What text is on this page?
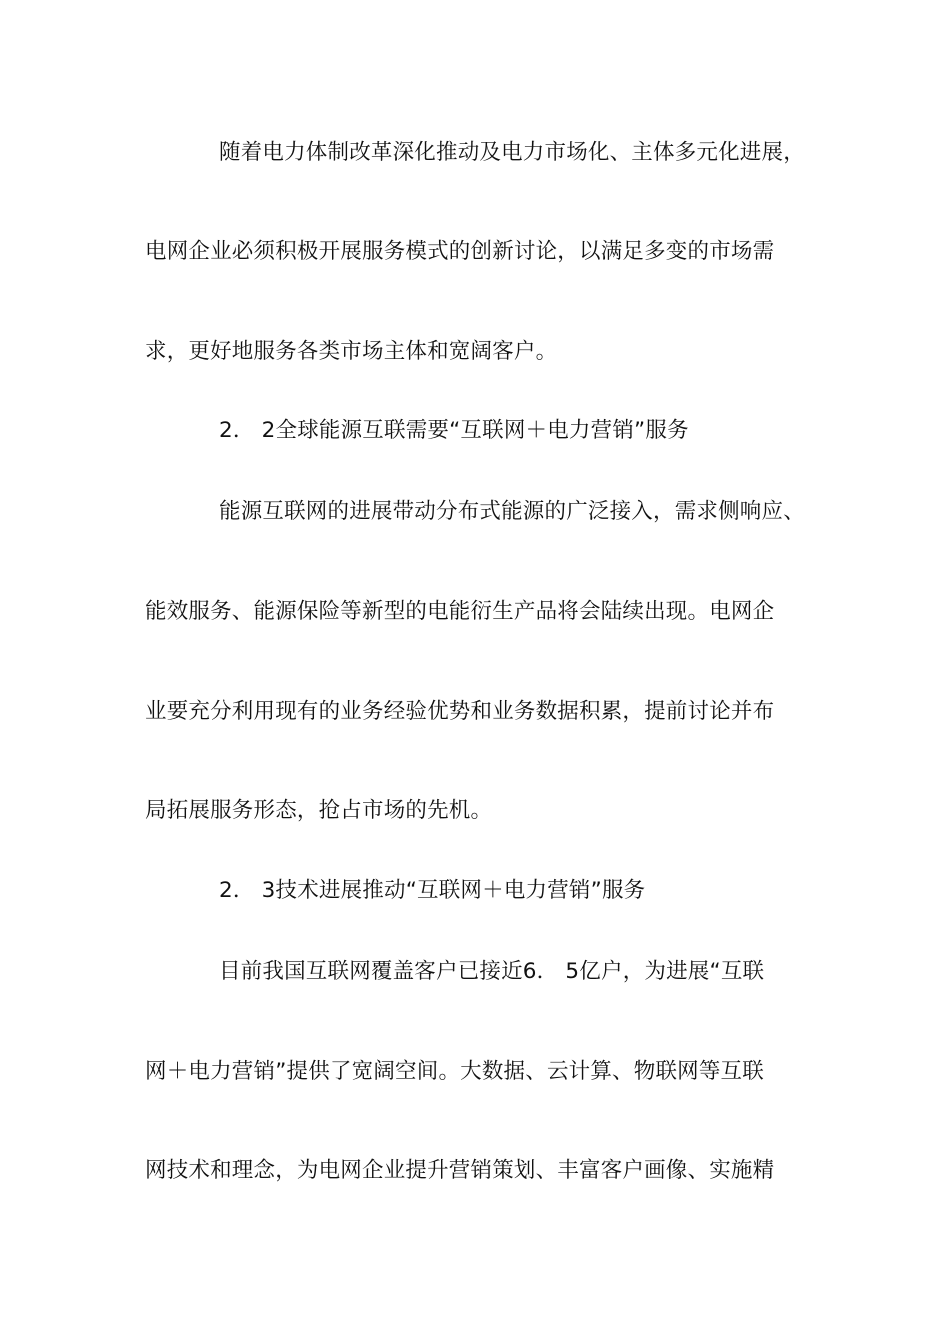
随着电力体制改革深化推动及电力市场化、主体多元化进展，
电网企业必须积极开展服务模式的创新讨论，以满足多变的市场需
求，更好地服务各类市场主体和宽阔客户。
2． 2全球能源互联需要“互联网＋电力营销”服务
能源互联网的进展带动分布式能源的广泛接入，需求侧响应、
能效服务、能源保险等新型的电能衍生产品将会陆续出现。电网企
业要充分利用现有的业务经验优势和业务数据积累，提前讨论并布
局拓展服务形态，抢占市场的先机。
2． 3技术进展推动“互联网＋电力营销”服务
目前我国互联网覆盖客户已接近6． 5亿户，为进展“互联
网＋电力营销”提供了宽阔空间。大数据、云计算、物联网等互联
网技术和理念，为电网企业提升营销策划、丰富客户画像、实施精
